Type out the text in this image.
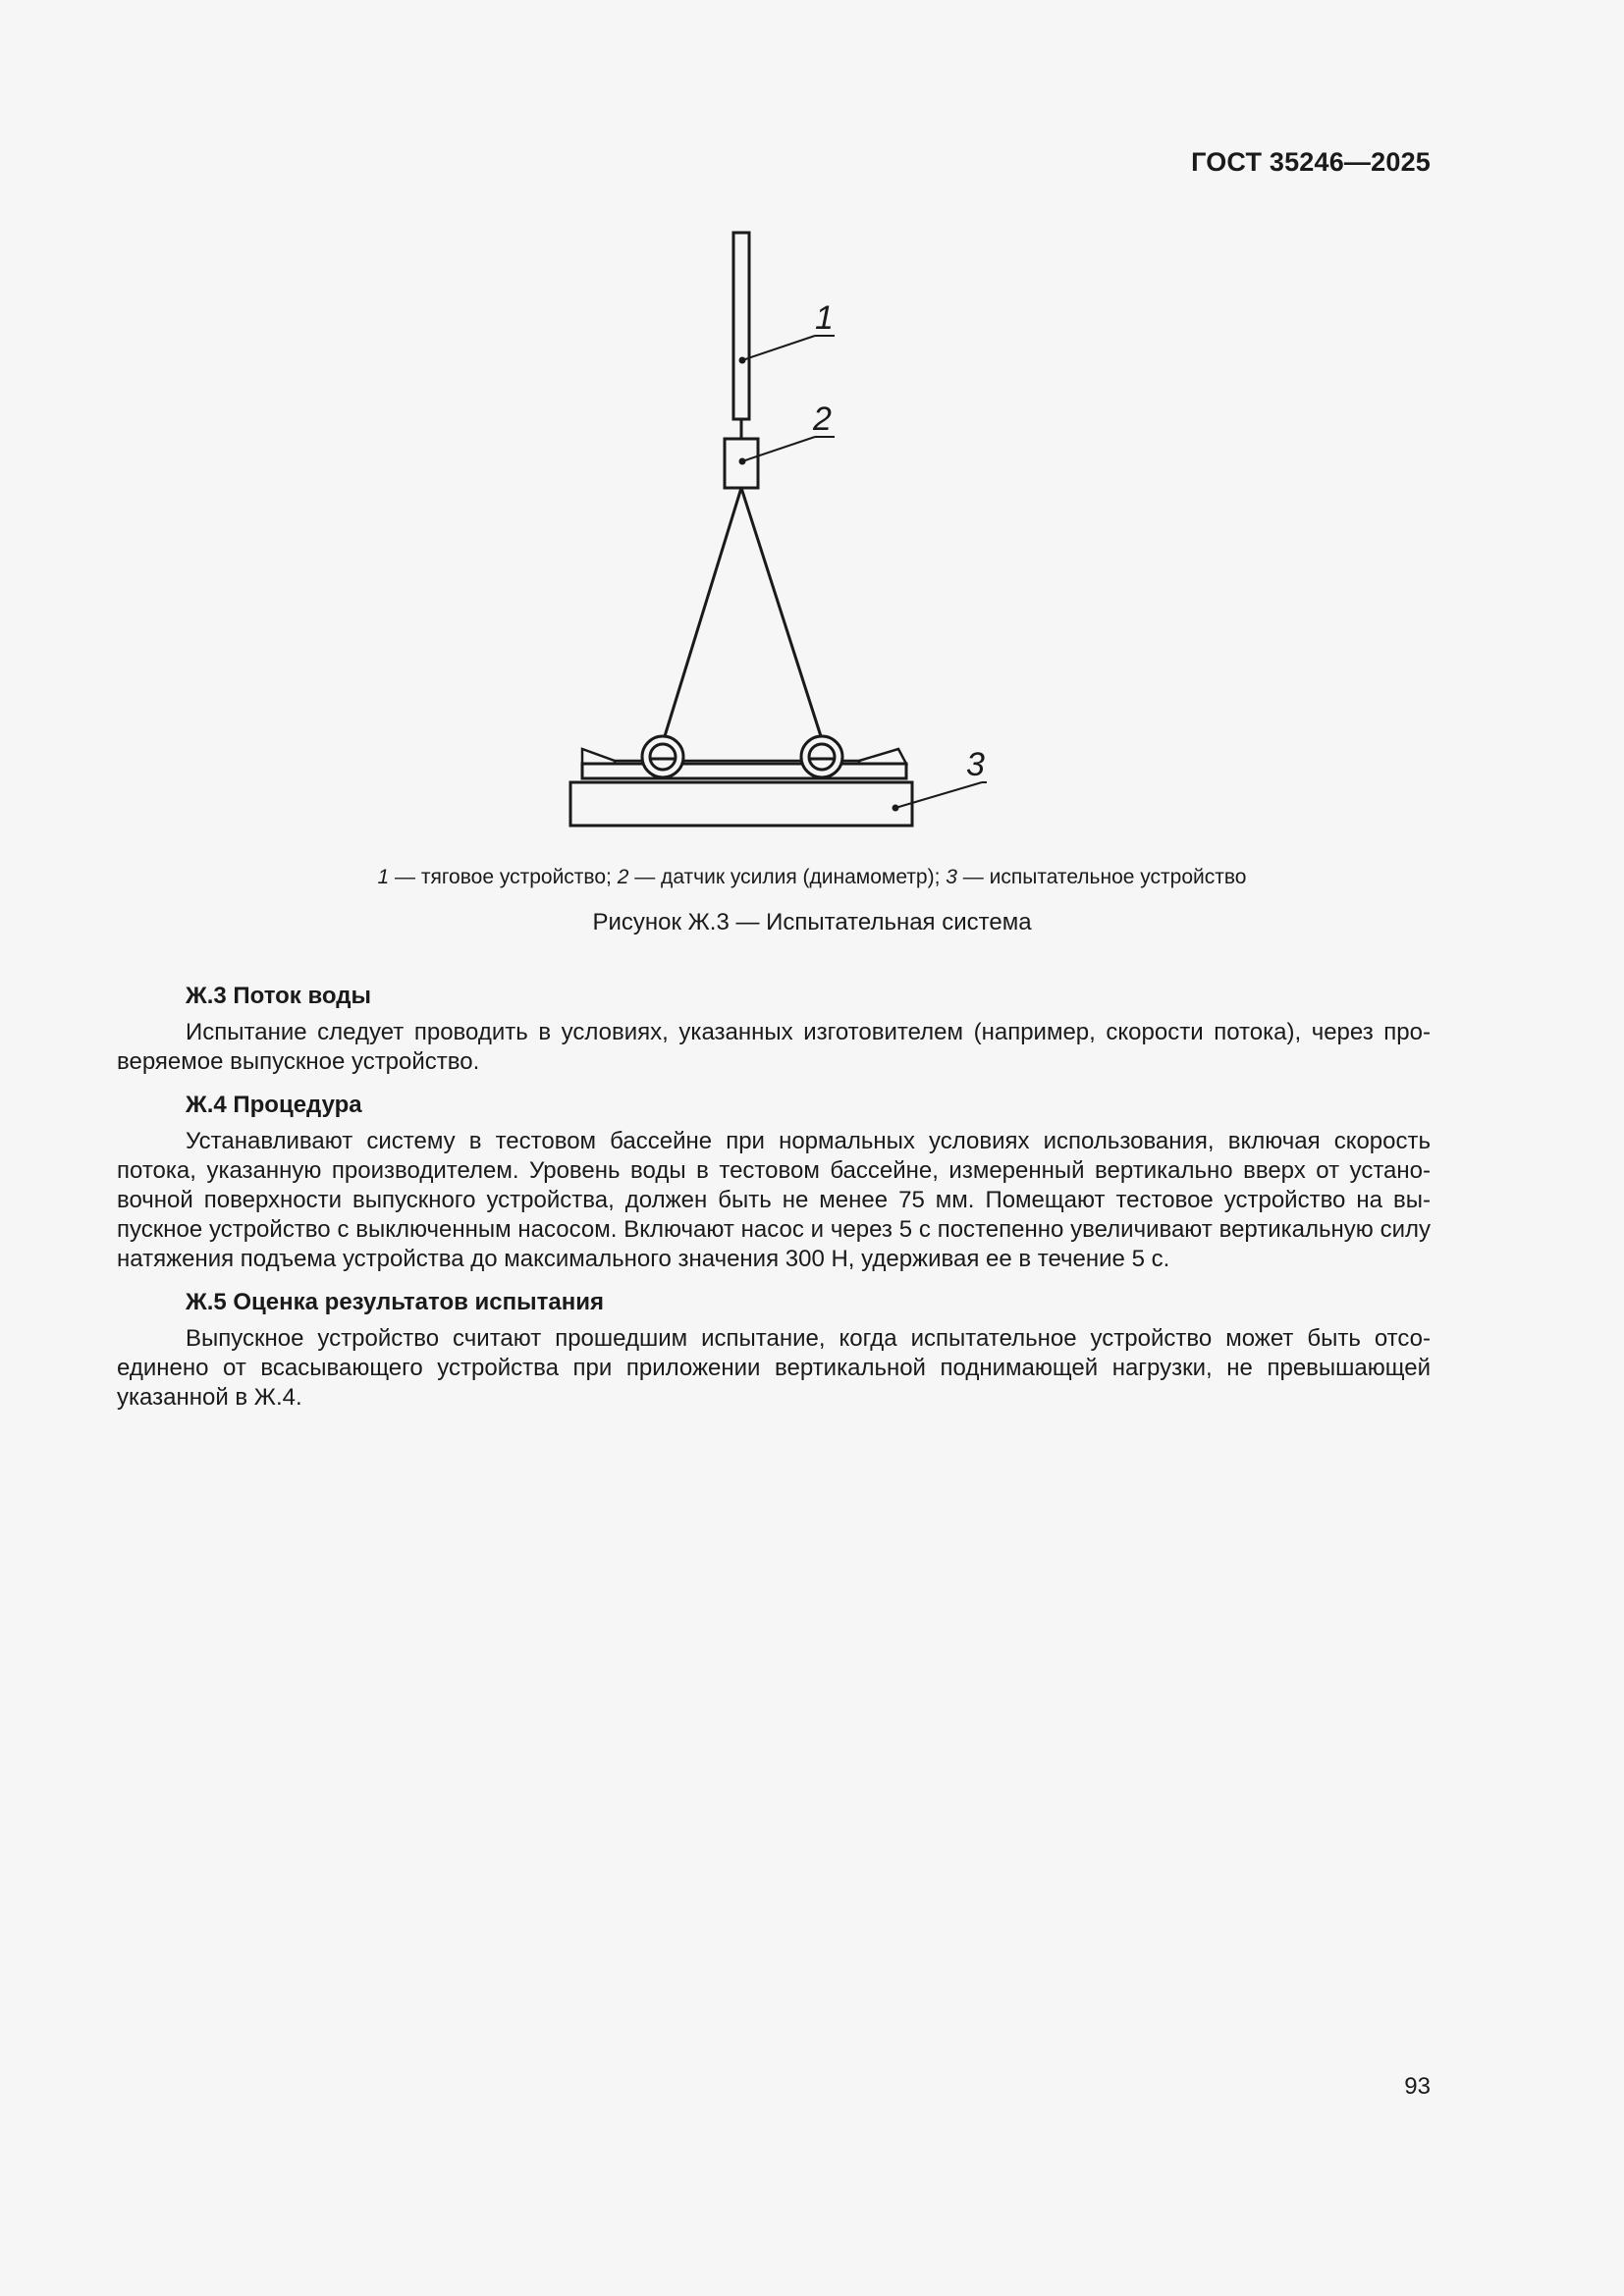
ГОСТ 35246—2025
1
2
3
1 — тяговое устройство; 2 — датчик усилия (динамометр); 3 — испытательное устройство
Рисунок Ж.3 — Испытательная система
Ж.3 Поток воды
Испытание следует проводить в условиях, указанных изготовителем (например, скорости потока), через проверяемое выпускное устройство.
Ж.4 Процедура
Устанавливают систему в тестовом бассейне при нормальных условиях использования, включая скорость потока, указанную производителем. Уровень воды в тестовом бассейне, измеренный вертикально вверх от установочной поверхности выпускного устройства, должен быть не менее 75 мм. Помещают тестовое устройство на выпускное устройство с выключенным насосом. Включают насос и через 5 с постепенно увеличивают вертикальную силу натяжения подъема устройства до максимального значения 300 Н, удерживая ее в течение 5 с.
Ж.5 Оценка результатов испытания
Выпускное устройство считают прошедшим испытание, когда испытательное устройство может быть отсоединено от всасывающего устройства при приложении вертикальной поднимающей нагрузки, не превышающей указанной в Ж.4.
93
